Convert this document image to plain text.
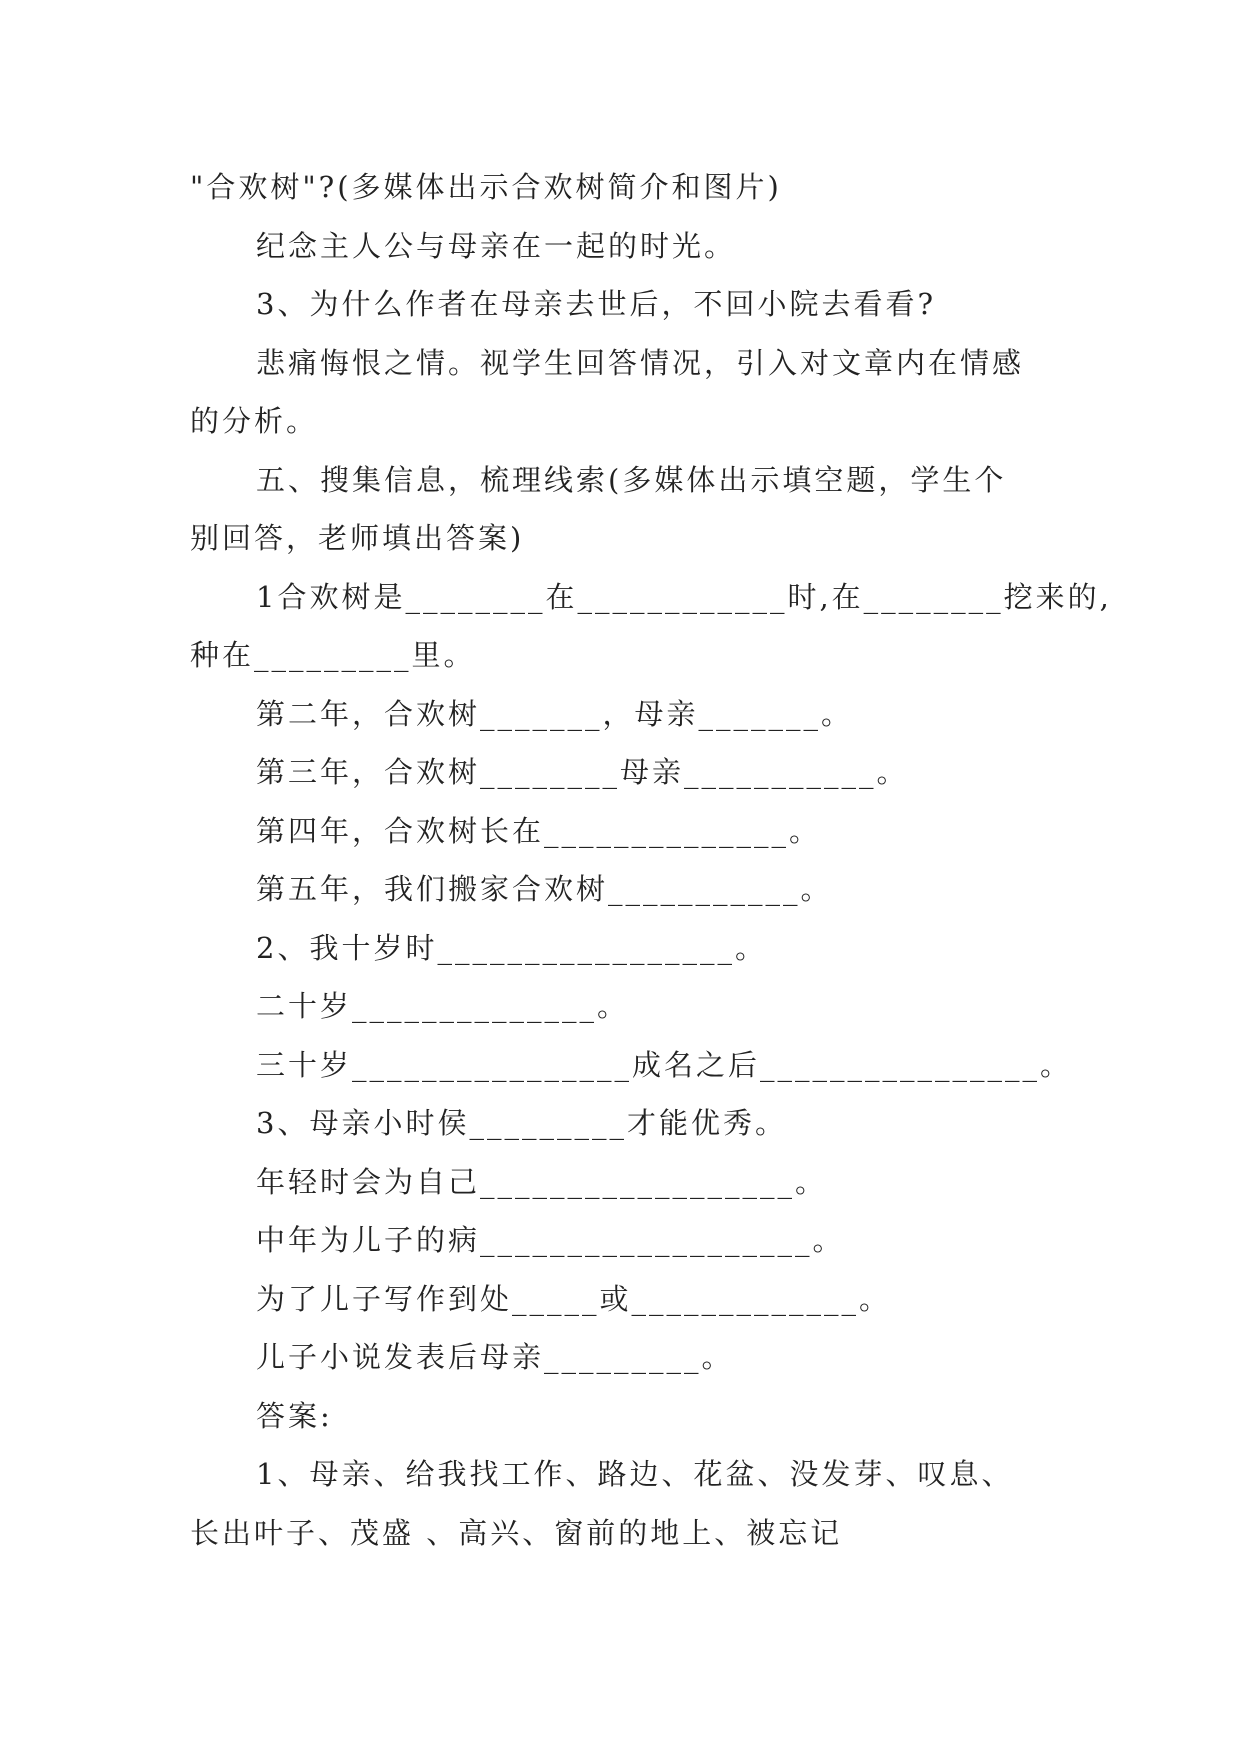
"合欢树"?(多媒体出示合欢树简介和图片)
纪念主人公与母亲在一起的时光。
3、为什么作者在母亲去世后，不回小院去看看?
悲痛悔恨之情。视学生回答情况，引入对文章内在情感
的分析。
五、搜集信息，梳理线索(多媒体出示填空题，学生个
别回答，老师填出答案)
1合欢树是________在____________时,在________挖来的,
种在_________里。
第二年，合欢树_______，母亲_______。
第三年，合欢树________母亲___________。
第四年，合欢树长在______________。
第五年，我们搬家合欢树___________。
2、我十岁时_________________。
二十岁______________。
三十岁________________成名之后________________。
3、母亲小时侯_________才能优秀。
年轻时会为自己__________________。
中年为儿子的病___________________。
为了儿子写作到处_____或_____________。
儿子小说发表后母亲_________。
答案:
1、母亲、给我找工作、路边、花盆、没发芽、叹息、
长出叶子、茂盛 、高兴、窗前的地上、被忘记
